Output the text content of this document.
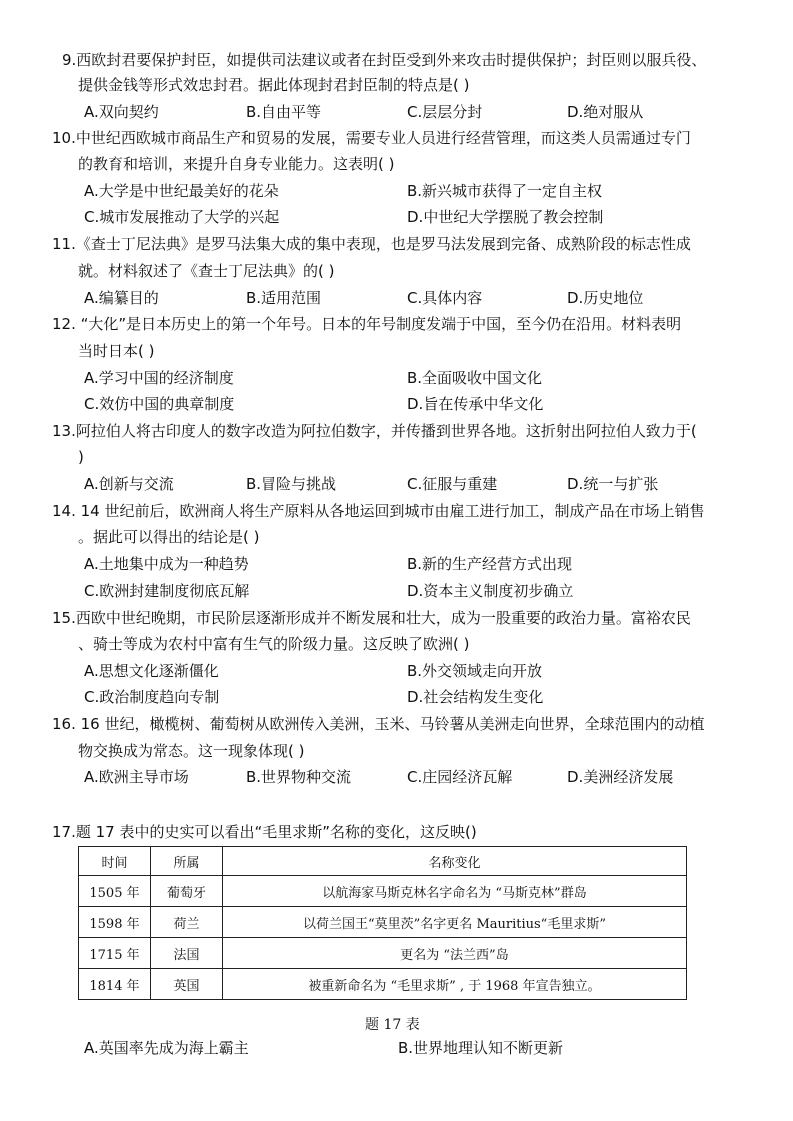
9.西欧封君要保护封臣，如提供司法建议或者在封臣受到外来攻击时提供保护；封臣则以服兵役、
提供金钱等形式效忠封君。据此体现封君封臣制的特点是( )
A.双向契约	B.自由平等	C.层层分封	D.绝对服从
10.中世纪西欧城市商品生产和贸易的发展，需要专业人员进行经营管理，而这类人员需通过专门
的教育和培训，来提升自身专业能力。这表明( )
A.大学是中世纪最美好的花朵	B.新兴城市获得了一定自主权
C.城市发展推动了大学的兴起	D.中世纪大学摆脱了教会控制
11.《查士丁尼法典》是罗马法集大成的集中表现，也是罗马法发展到完备、成熟阶段的标志性成
就。材料叙述了《查士丁尼法典》的( )
A.编纂目的	B.适用范围	C.具体内容	D.历史地位
12. “大化”是日本历史上的第一个年号。日本的年号制度发端于中国，至今仍在沿用。材料表明
当时日本( )
A.学习中国的经济制度	B.全面吸收中国文化
C.效仿中国的典章制度	D.旨在传承中华文化
13.阿拉伯人将古印度人的数字改造为阿拉伯数字，并传播到世界各地。这折射出阿拉伯人致力于(
)
A.创新与交流	B.冒险与挑战	C.征服与重建	D.统一与扩张
14. 14 世纪前后，欧洲商人将生产原料从各地运回到城市由雇工进行加工，制成产品在市场上销售
。据此可以得出的结论是( )
A.土地集中成为一种趋势	B.新的生产经营方式出现
C.欧洲封建制度彻底瓦解	D.资本主义制度初步确立
15.西欧中世纪晚期，市民阶层逐渐形成并不断发展和壮大，成为一股重要的政治力量。富裕农民
、骑士等成为农村中富有生气的阶级力量。这反映了欧洲( )
A.思想文化逐渐僵化	B.外交领域走向开放
C.政治制度趋向专制	D.社会结构发生变化
16. 16 世纪，橄榄树、葡萄树从欧洲传入美洲，玉米、马铃薯从美洲走向世界，全球范围内的动植
物交换成为常态。这一现象体现( )
A.欧洲主导市场	B.世界物种交流	C.庄园经济瓦解	D.美洲经济发展
17.题 17 表中的史实可以看出“毛里求斯”名称的变化，这反映()
时间	所属	名称变化
1505 年	葡萄牙	以航海家马斯克林名字命名为 “马斯克林”群岛
1598 年	荷兰	以荷兰国王“莫里茨”名字更名 Mauritius“毛里求斯”
1715 年	法国	更名为 “法兰西”岛
1814 年	英国	被重新命名为 “毛里求斯” , 于 1968 年宣告独立。
题 17 表
A.英国率先成为海上霸主	B.世界地理认知不断更新
